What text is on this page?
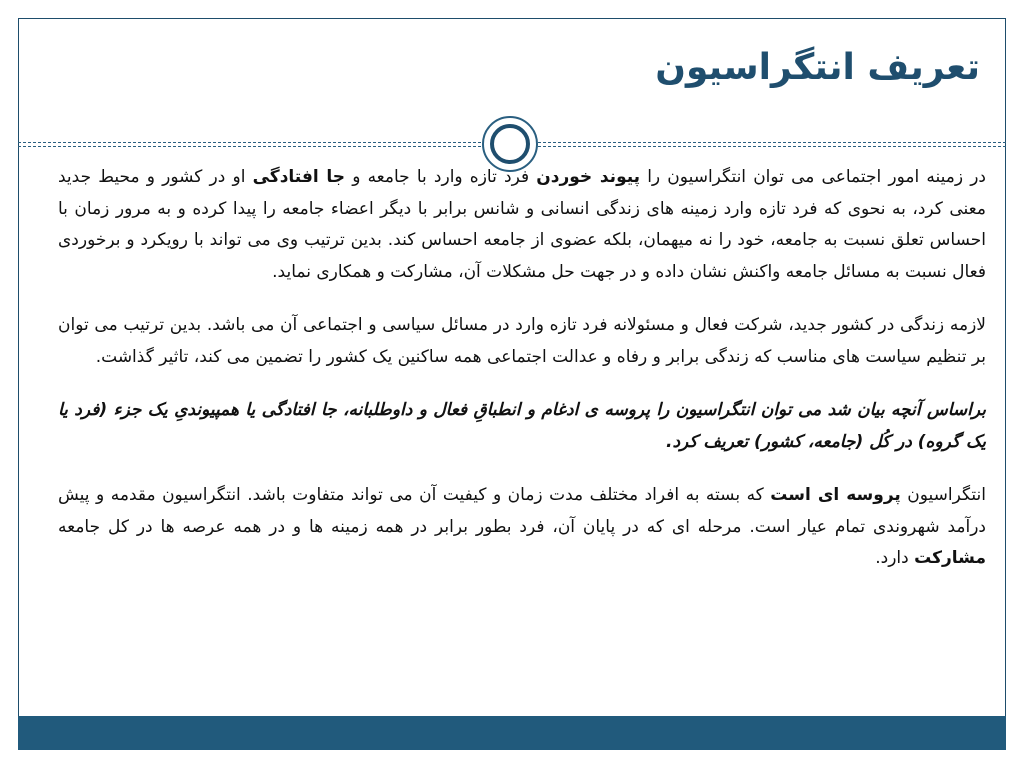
تعریف انتگراسیون

در زمینه امور اجتماعی می توان انتگراسیون را پیوند خوردن فرد تازه وارد با جامعه و جا افتادگی او در کشور و محیط جدید معنی کرد، به نحوی که فرد تازه وارد زمینه های زندگی انسانی و شانس برابر با دیگر اعضاء جامعه را پیدا کرده و به مرور زمان با احساس تعلق نسبت به جامعه، خود را نه میهمان، بلکه عضوی از جامعه احساس کند. بدین ترتیب وی می تواند با رویکرد و برخوردی فعال نسبت به مسائل جامعه واکنش نشان داده و در جهت حل مشکلات آن، مشارکت و همکاری نماید.

لازمه زندگی در کشور جدید، شرکت فعال و مسئولانه فرد تازه وارد در مسائل سیاسی و اجتماعی آن می باشد. بدین ترتیب می توان بر تنظیم سیاست های مناسب که زندگی برابر و رفاه و عدالت اجتماعی همه ساکنین یک کشور را تضمین می کند، تاثیر گذاشت.

براساس آنچه بیان شد می توان انتگراسیون را پروسه ی ادغام و انطباقِ فعال و داوطلبانه، جا افتادگی یا همپیوندیِ یک جزء (فرد یا یک گروه) در کُل (جامعه، کشور) تعریف کرد.

انتگراسیون پروسه ای است که بسته به افراد مختلف مدت زمان و کیفیت آن می تواند متفاوت باشد. انتگراسیون مقدمه و پیش درآمد شهروندی تمام عیار است. مرحله ای که در پایان آن، فرد بطور برابر در همه زمینه ها و در همه عرصه ها در کل جامعه مشارکت دارد.
